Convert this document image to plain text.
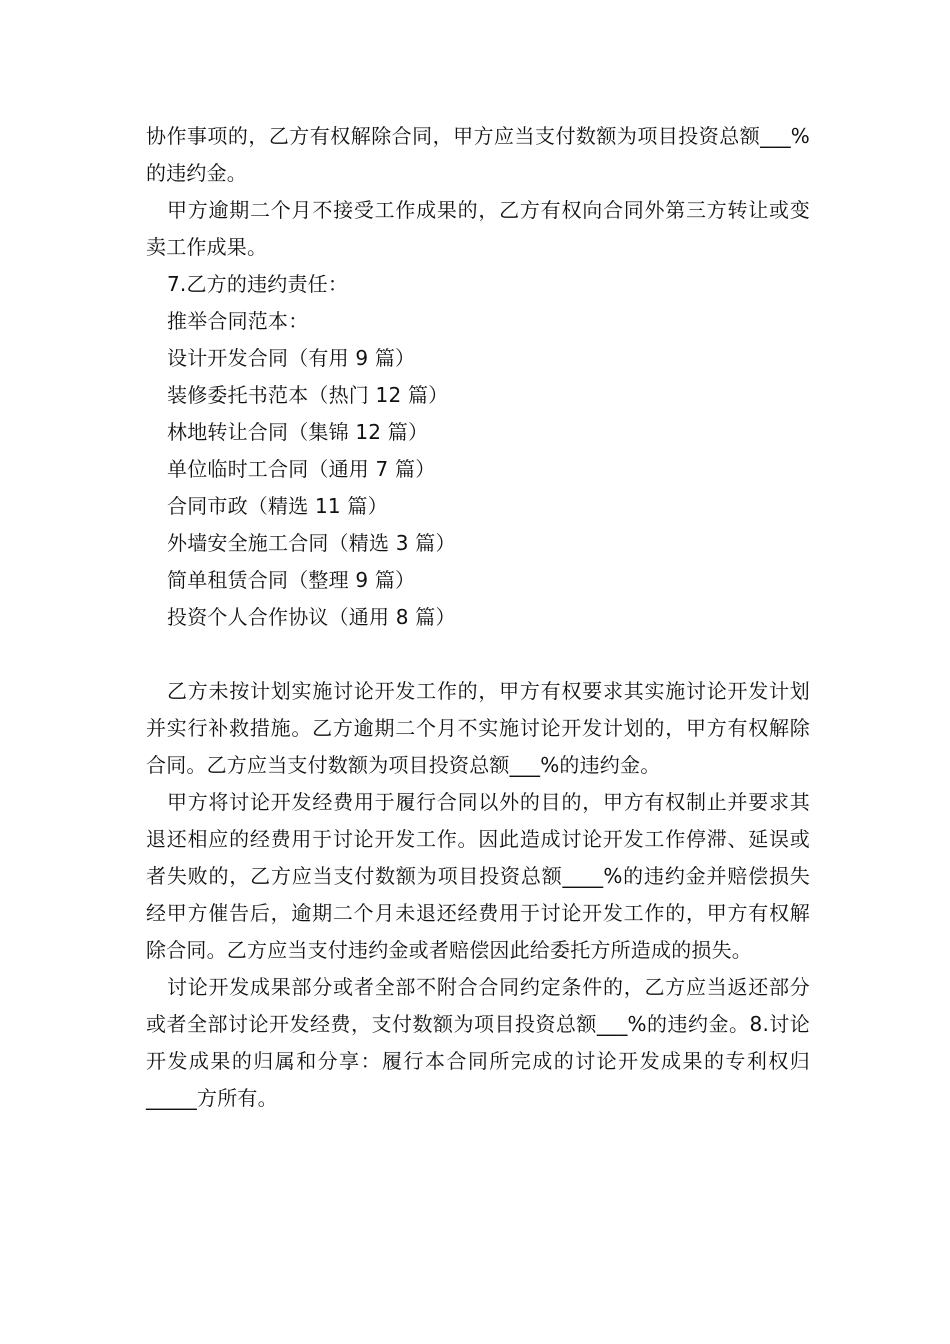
协作事项的，乙方有权解除合同，甲方应当支付数额为项目投资总额___%的违约金。

甲方逾期二个月不接受工作成果的，乙方有权向合同外第三方转让或变卖工作成果。

7.乙方的违约责任：

推举合同范本：

设计开发合同（有用 9 篇）

装修委托书范本（热门 12 篇）

林地转让合同（集锦 12 篇）

单位临时工合同（通用 7 篇）

合同市政（精选 11 篇）

外墙安全施工合同（精选 3 篇）

简单租赁合同（整理 9 篇）

投资个人合作协议（通用 8 篇）

乙方未按计划实施讨论开发工作的，甲方有权要求其实施讨论开发计划并实行补救措施。乙方逾期二个月不实施讨论开发计划的，甲方有权解除合同。乙方应当支付数额为项目投资总额___%的违约金。

甲方将讨论开发经费用于履行合同以外的目的，甲方有权制止并要求其退还相应的经费用于讨论开发工作。因此造成讨论开发工作停滞、延误或者失败的，乙方应当支付数额为项目投资总额____%的违约金并赔偿损失经甲方催告后，逾期二个月未退还经费用于讨论开发工作的，甲方有权解除合同。乙方应当支付违约金或者赔偿因此给委托方所造成的损失。

讨论开发成果部分或者全部不附合合同约定条件的，乙方应当返还部分或者全部讨论开发经费，支付数额为项目投资总额___%的违约金。8.讨论开发成果的归属和分享：履行本合同所完成的讨论开发成果的专利权归_____方所有。
